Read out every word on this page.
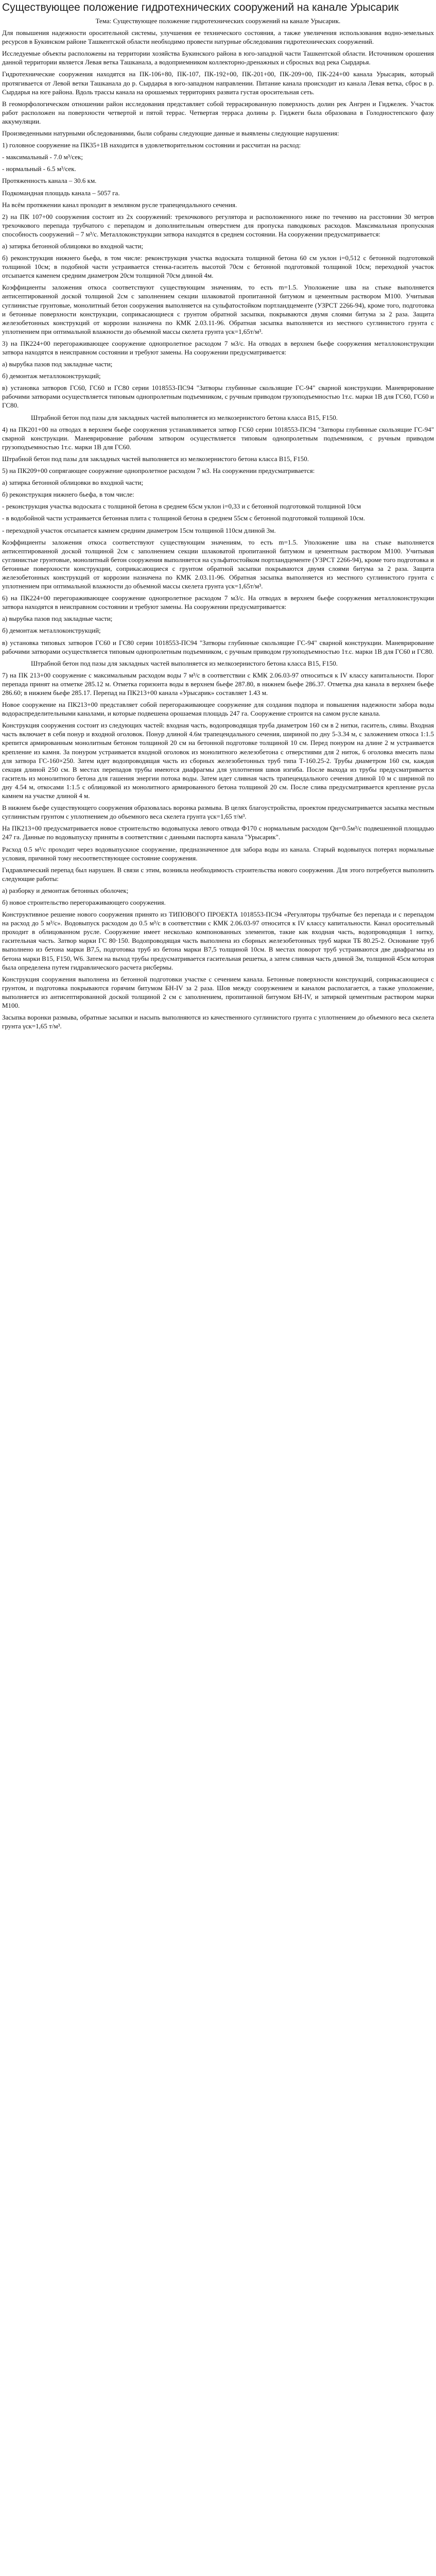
Существующее положение гидротехнических сооружений на канале Урысарик

Тема: Существующее положение гидротехнических сооружений на канале Урысарик.

Для повышения надежности оросительной системы, улучшения ее технического состояния, а также увеличения использования водно-земельных ресурсов в Букинском районе Ташкентской области необходимо провести натурные обследования гидротехнических сооружений.

Исследуемые объекты расположены на территории хозяйства Букинского района в юго-западной части Ташкентской области. Источником орошения данной территории является Левая ветка Ташканала, а водоприемником коллекторно-дренажных и сбросных вод река Сырдарья.

Гидротехнические сооружения находятся на ПК-106+80, ПК-107, ПК-192+00, ПК-201+00, ПК-209+00, ПК-224+00 канала Урысарик, который протягивается от Левой ветки Ташканала до р. Сырдарья в юго-западном направлении. Питание канала происходит из канала Левая ветка, сброс в р. Сырдарья на юге района. Вдоль трассы канала на орошаемых территориях развита густая оросительная сеть.

В геоморфологическом отношении район исследования представляет собой террасированную поверхность долин рек Ангрен и Гиджелек. Участок работ расположен на поверхности четвертой и пятой террас. Четвертая терраса долины р. Гиджеги была образована в Голодностепского фазу аккумуляции.

Произведенными натурными обследованиями, были собраны следующие данные и выявлены следующие нарушения:

1) головное сооружение на ПК35+1В находится в удовлетворительном состоянии и рассчитан на расход:

- максимальный - 7.0 м³/сек;

- нормальный - 6.5 м³/сек.

Протяженность канала – 30.6 км.

Подкомандная площадь канала – 5057 га.

На всём протяжении канал проходит в земляном русле трапецеидального сечения.

2) на ПК 107+00 сооружения состоит из 2х сооружений: трехочкового регулятора и расположенного ниже по течению на расстоянии 30 метров трехочкового перепада трубчатого с перепадом и дополнительным отверстием для пропуска паводковых расходов. Максимальная пропускная способность сооружений – 7 м³/с. Металлоконструкции затвора находятся в среднем состоянии. На сооружении предусматривается:

а) затирка бетонной облицовки во входной части;

б) реконструкция нижнего бьефа, в том числе: реконструкция участка водоската толщиной бетона 60 см уклон i=0,512 с бетонной подготовкой толщиной 10см; в подобной части устраивается стенка-гаситель высотой 70см с бетонной подготовкой толщиной 10см; переходной участок отсыпается каменем средним диаметром 20см толщиной 70см длиной 4м.

Коэффициенты заложения откоса соответствуют существующим значениям, то есть m=1.5. Уположение шва на стыке выполняется антисептированной доской толщиной 2см с заполнением секции шлаковатой пропитанной битумом и цементным раствором М100. Учитывая суглинистые грунтовые, монолитный бетон сооружения выполняется на сульфатостойком портландцементе (УЗРСТ 2266-94), кроме того, подготовка и бетонные поверхности конструкции, соприкасающиеся с грунтом обратной засыпки, покрываются двумя слоями битума за 2 раза. Защита железобетонных конструкций от коррозии назначена по КМК 2.03.11-96. Обратная засыпка выполняется из местного суглинистого грунта с уплотнением при оптимальной влажности до объемной массы скелета грунта γск=1,65т/м³.

3) на ПК224+00 перегораживающее сооружение однопролетное расходом 7 м3/с. На отводах в верхнем бьефе сооружения металлоконструкции затвора находятся в неисправном состоянии и требуют замены. На сооружении предусматривается:

а) вырубка пазов под закладные части;

б) демонтаж металлоконструкций;

в) установка затворов ГС60, ГС60 и ГС80 серии 1018553-ПС94 "Затворы глубинные скользящие ГС-94" сварной конструкции. Маневрирование рабочими затворами осуществляется типовым однопролетным подъемником, с ручным приводом грузоподъемностью 1т.с. марки 1В для ГС60, ГС60 и ГС80.

Штрабной бетон под пазы для закладных частей выполняется из мелкозернистого бетона класса В15, F150.

4) на ПК201+00 на отводах в верхнем бьефе сооружения устанавливается затвор ГС60 серии 1018553-ПС94 "Затворы глубинные скользящие ГС-94" сварной конструкции. Маневрирование рабочим затвором осуществляется типовым однопролетным подъемником, с ручным приводом грузоподъемностью 1т.с. марки 1В для ГС60.

Штрабной бетон под пазы для закладных частей выполняется из мелкозернистого бетона класса В15, F150.

5) на ПК209+00 сопрягающее сооружение однопролетное расходом 7 м3. На сооружении предусматривается:

а) затирка бетонной облицовки во входной части;

б) реконструкция нижнего бьефа, в том числе:

- реконструкция участка водоската с толщиной бетона в среднем 65см уклон i=0,33 и с бетонной подготовкой толщиной 10см

- в водобойной части устраивается бетонная плита с толщиной бетона в среднем 55см с бетонной подготовкой толщиной 10см.

- переходной участок отсыпается камнем средним диаметром 15см толщиной 110см длиной 3м.

Коэффициенты заложения откоса соответствуют существующим значениям, то есть m=1.5. Уположение шва на стыке выполняется антисептированной доской толщиной 2см с заполнением секции шлаковатой пропитанной битумом и цементным раствором М100. Учитывая суглинистые грунтовые, монолитный бетон сооружения выполняется на сульфатостойком портландцементе (УЗРСТ 2266-94), кроме того подготовка и бетонные поверхности конструкции, соприкасающиеся с грунтом обратной засыпки покрываются двумя слоями битума за 2 раза. Защита железобетонных конструкций от коррозии назначена по КМК 2.03.11-96. Обратная засыпка выполняется из местного суглинистого грунта с уплотнением при оптимальной влажности до объемной массы скелета грунта γск=1,65т/м³.

6) на ПК224+00 перегораживающее сооружение однопролетное расходом 7 м3/с. На отводах в верхнем бьефе сооружения металлоконструкции затвора находятся в неисправном состоянии и требуют замены. На сооружении предусматривается:

а) вырубка пазов под закладные части;

б) демонтаж металлоконструкций;

в) установка типовых затворов ГС60 и ГС80 серии 1018553-ПС94 "Затворы глубинные скользящие ГС-94" сварной конструкции. Маневрирование рабочими затворами осуществляется типовым однопролетным подъемником, с ручным приводом грузоподъемностью 1т.с. марки 1В для ГС60 и ГС80.

Штрабной бетон под пазы для закладных частей выполняется из мелкозернистого бетона класса В15, F150.

7) на ПК 213+00 сооружение с максимальным расходом воды 7 м³/с в соответствии с КМК 2.06.03-97 относиться к IV классу капитальности. Порог перепада принят на отметке 285.12 м. Отметка горизонта воды в верхнем бьефе 287.80, в нижнем бьефе 286.37. Отметка дна канала в верхнем бьефе 286.60; в нижнем бьефе 285.17. Перепад на ПК213+00 канала «Урысарик» составляет 1.43 м.

Новое сооружение на ПК213+00 представляет собой перегораживающее сооружение для создания подпора и повышения надежности забора воды водораспределительными каналами, и которые подвешена орошаемая площадь 247 га. Сооружение строится на самом русле канала.

Конструкция сооружения состоит из следующих частей: входная часть, водопроводящая труба диаметром 160 см в 2 нитки, гаситель, сливы. Входная часть включает в себя понур и входной оголовок. Понур длиной 4.6м трапецеидального сечения, шириной по дну 5-3.34 м, с заложением откоса 1:1.5 крепится армированным монолитным бетоном толщиной 20 см на бетонной подготовке толщиной 10 см. Перед понуром на длине 2 м устраивается крепление из камня. За понуром устраивается входной оголовок из монолитного железобетона с отверстиями для 2 ниток, 6 оголовка вмесить пазы для затвора ГС-160×250. Затем идет водопроводящая часть из сборных железобетонных труб типа Т-160.25-2. Трубы диаметром 160 см, каждая секция длиной 250 см. В местах перепадов трубы имеются диафрагмы для уплотнения швов изгиба. После выхода из трубы предусматривается гаситель из монолитного бетона для гашения энергии потока воды. Затем идет сливная часть трапецеидального сечения длиной 10 м с шириной по дну 4.54 м, откосами 1:1.5 с облицовкой из монолитного армированного бетона толщиной 20 см. После слива предусматривается крепление русла камнем на участке длиной 4 м.

В нижнем бьефе существующего сооружения образовалась воронка размыва. В целях благоустройства, проектом предусматривается засыпка местным суглинистым грунтом с уплотнением до объемного веса скелета грунта γск=1,65 т/м³.

На ПК213+00 предусматривается новое строительство водовыпуска левого отвода Ф170 с нормальным расходом Qн=0.5м³/с подвешенной площадью 247 га. Данные по водовыпуску приняты в соответствии с данными паспорта канала "Урысарик".

Расход 0.5 м³/с проходит через водовыпускное сооружение, предназначенное для забора воды из канала. Старый водовыпуск потерял нормальные условия, причиной тому несоответствующее состояние сооружения.

Гидравлический перепад был нарушен. В связи с этим, возникла необходимость строительства нового сооружения. Для этого потребуется выполнить следующие работы:

а) разборку и демонтаж бетонных оболочек;

б) новое строительство перегораживающего сооружения.

Конструктивное решение нового сооружения принято из ТИПОВОГО ПРОЕКТА 1018553-ПС94 «Регуляторы трубчатые без перепада и с перепадом на расход до 5 м³/с». Водовыпуск расходом до 0.5 м³/с в соответствии с КМК 2.06.03-97 относится к IV классу капитальности. Канал оросительный проходит в облицованном русле. Сооружение имеет несколько компонованных элементов, такие как входная часть, водопроводящая 1 нитку, гасительная часть. Затвор марки ГС 80·150. Водопроводящая часть выполнена из сборных железобетонных труб марки ТБ 80.25-2. Основание труб выполнено из бетона марки В7,5, подготовка труб из бетона марки В7,5 толщиной 10см. В местах поворот труб устраиваются две диафрагмы из бетона марки В15, F150, W6. Затем на выход трубы предусматривается гасительная решетка, а затем сливная часть длиной 3м, толщиной 45см которая была определена путем гидравлического расчета рисбермы.

Конструкция сооружения выполнена из бетонной подготовки участке с сечением канала. Бетонные поверхности конструкций, соприкасающиеся с грунтом, и подготовка покрываются горячим битумом БН-IV за 2 раза. Шов между сооружением и каналом располагается, а также уположение, выполняется из антисептированной доской толщиной 2 см с заполнением, пропитанной битумом БН-IV, и затиркой цементным раствором марки М100.

Засыпка воронки размыва, обратные засыпки и насыпь выполняются из качественного суглинистого грунта с уплотнением до объемного веса скелета грунта γск=1,65 т/м³.
